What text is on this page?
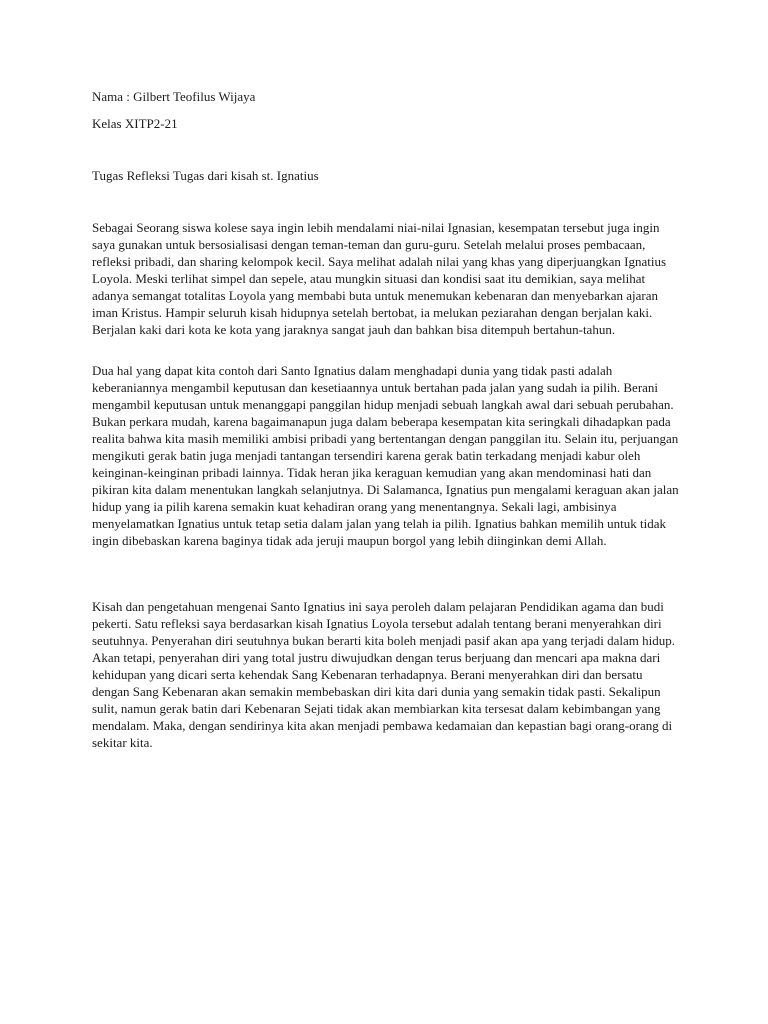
Nama : Gilbert Teofilus Wijaya

Kelas XITP2-21

Tugas Refleksi Tugas dari kisah st. Ignatius

Sebagai Seorang siswa kolese saya ingin lebih mendalami niai-nilai Ignasian, kesempatan tersebut juga ingin saya gunakan untuk bersosialisasi dengan teman-teman dan guru-guru. Setelah melalui proses pembacaan, refleksi pribadi, dan sharing kelompok kecil. Saya melihat adalah nilai yang khas yang diperjuangkan Ignatius Loyola. Meski terlihat simpel dan sepele, atau mungkin situasi dan kondisi saat itu demikian, saya melihat adanya semangat totalitas Loyola yang membabi buta untuk menemukan kebenaran dan menyebarkan ajaran iman Kristus. Hampir seluruh kisah hidupnya setelah bertobat, ia melukan peziarahan dengan berjalan kaki. Berjalan kaki dari kota ke kota yang jaraknya sangat jauh dan bahkan bisa ditempuh bertahun-tahun.

Dua hal yang dapat kita contoh dari Santo Ignatius dalam menghadapi dunia yang tidak pasti adalah keberaniannya mengambil keputusan dan kesetiaannya untuk bertahan pada jalan yang sudah ia pilih. Berani mengambil keputusan untuk menanggapi panggilan hidup menjadi sebuah langkah awal dari sebuah perubahan. Bukan perkara mudah, karena bagaimanapun juga dalam beberapa kesempatan kita seringkali dihadapkan pada realita bahwa kita masih memiliki ambisi pribadi yang bertentangan dengan panggilan itu. Selain itu, perjuangan mengikuti gerak batin juga menjadi tantangan tersendiri karena gerak batin terkadang menjadi kabur oleh keinginan-keinginan pribadi lainnya. Tidak heran jika keraguan kemudian yang akan mendominasi hati dan pikiran kita dalam menentukan langkah selanjutnya. Di Salamanca, Ignatius pun mengalami keraguan akan jalan hidup yang ia pilih karena semakin kuat kehadiran orang yang menentangnya. Sekali lagi, ambisinya menyelamatkan Ignatius untuk tetap setia dalam jalan yang telah ia pilih. Ignatius bahkan memilih untuk tidak ingin dibebaskan karena baginya tidak ada jeruji maupun borgol yang lebih diinginkan demi Allah.

Kisah dan pengetahuan mengenai Santo Ignatius ini saya peroleh dalam pelajaran Pendidikan agama dan budi pekerti. Satu refleksi saya berdasarkan kisah Ignatius Loyola tersebut adalah tentang berani menyerahkan diri seutuhnya. Penyerahan diri seutuhnya bukan berarti kita boleh menjadi pasif akan apa yang terjadi dalam hidup. Akan tetapi, penyerahan diri yang total justru diwujudkan dengan terus berjuang dan mencari apa makna dari kehidupan yang dicari serta kehendak Sang Kebenaran terhadapnya. Berani menyerahkan diri dan bersatu dengan Sang Kebenaran akan semakin membebaskan diri kita dari dunia yang semakin tidak pasti. Sekalipun sulit, namun gerak batin dari Kebenaran Sejati tidak akan membiarkan kita tersesat dalam kebimbangan yang mendalam. Maka, dengan sendirinya kita akan menjadi pembawa kedamaian dan kepastian bagi orang-orang di sekitar kita.
